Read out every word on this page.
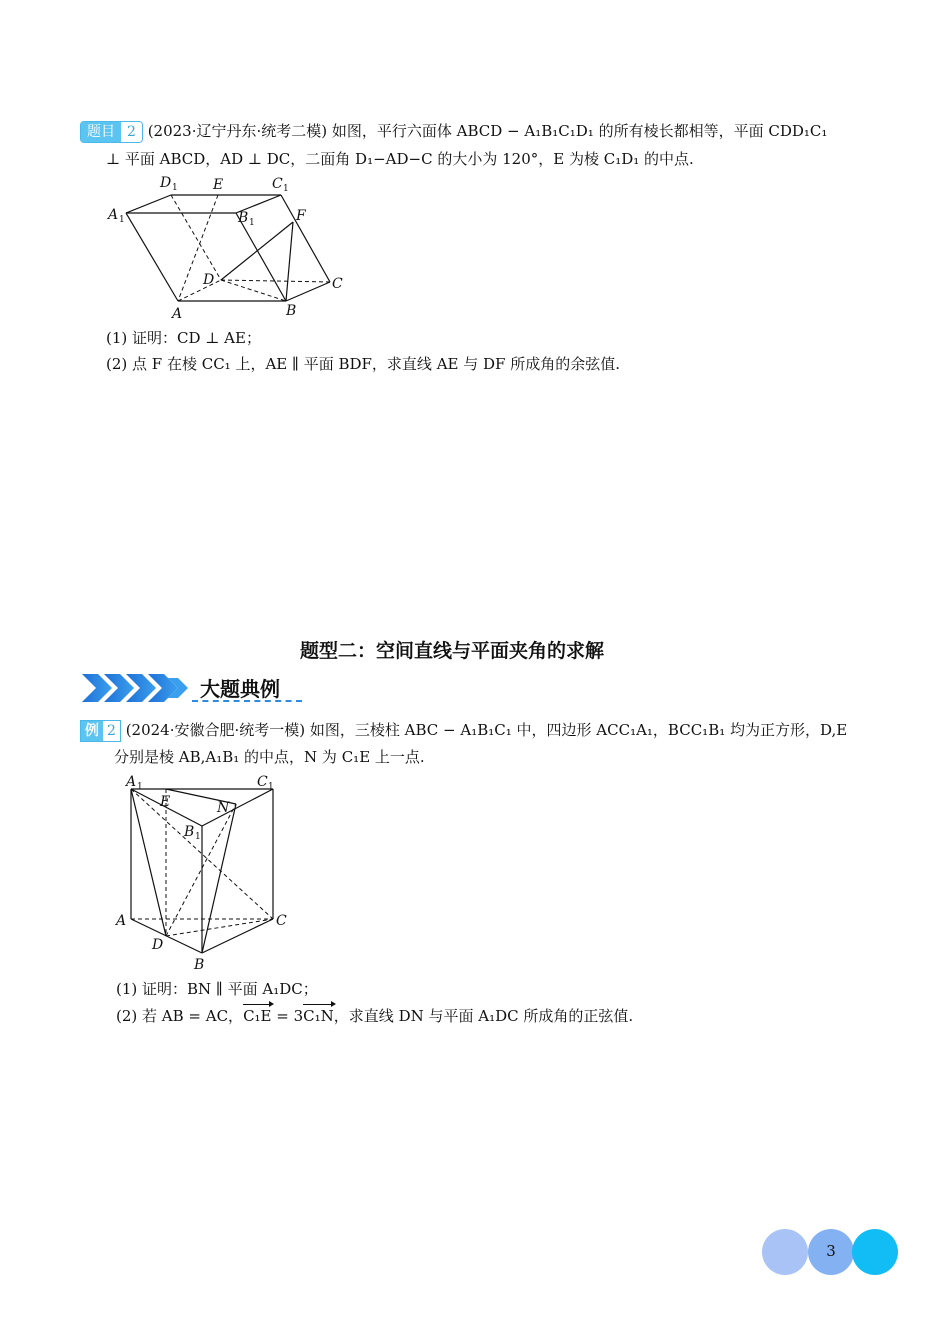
题目 2 (2023·辽宁丹东·统考二模) 如图，平行六面体 ABCD − A₁B₁C₁D₁ 的所有棱长都相等，平面 CDD₁C₁
⊥ 平面 ABCD，AD ⊥ DC，二面角 D₁−AD−C 的大小为 120°，E 为棱 C₁D₁ 的中点.
D 1	E	C 1
A 1	B 1	F
D	C
A	B
(1) 证明：CD ⊥ AE；
(2) 点 F 在棱 CC₁ 上，AE ∥ 平面 BDF，求直线 AE 与 DF 所成角的余弦值.
题型二：空间直线与平面夹角的求解
大题典例
例 2 (2024·安徽合肥·统考一模) 如图，三棱柱 ABC − A₁B₁C₁ 中，四边形 ACC₁A₁，BCC₁B₁ 均为正方形，D,E
分别是棱 AB,A₁B₁ 的中点，N 为 C₁E 上一点.
A 1	C 1
E	N
B 1
A	C
D
B
(1) 证明：BN ∥ 平面 A₁DC；
(2) 若 AB = AC，C₁E = 3C₁N，求直线 DN 与平面 A₁DC 所成角的正弦值.
3
